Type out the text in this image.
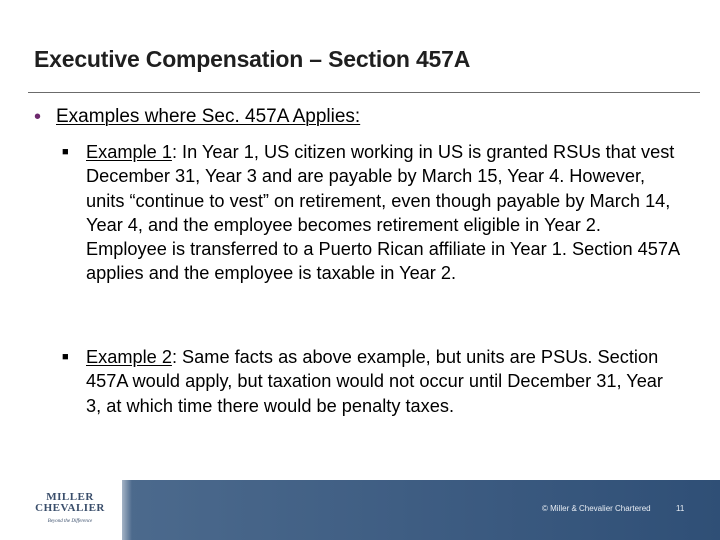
Executive Compensation – Section 457A
• Examples where Sec. 457A Applies:
■ Example 1: In Year 1, US citizen working in US is granted RSUs that vest December 31, Year 3 and are payable by March 15, Year 4. However, units “continue to vest” on retirement, even though payable by March 14, Year 4, and the employee becomes retirement eligible in Year 2. Employee is transferred to a Puerto Rican affiliate in Year 1. Section 457A applies and the employee is taxable in Year 2.
■ Example 2: Same facts as above example, but units are PSUs. Section 457A would apply, but taxation would not occur until December 31, Year 3, at which time there would be penalty taxes.
MILLER
CHEVALIER
Beyond the Difference
© Miller & Chevalier Chartered	11
